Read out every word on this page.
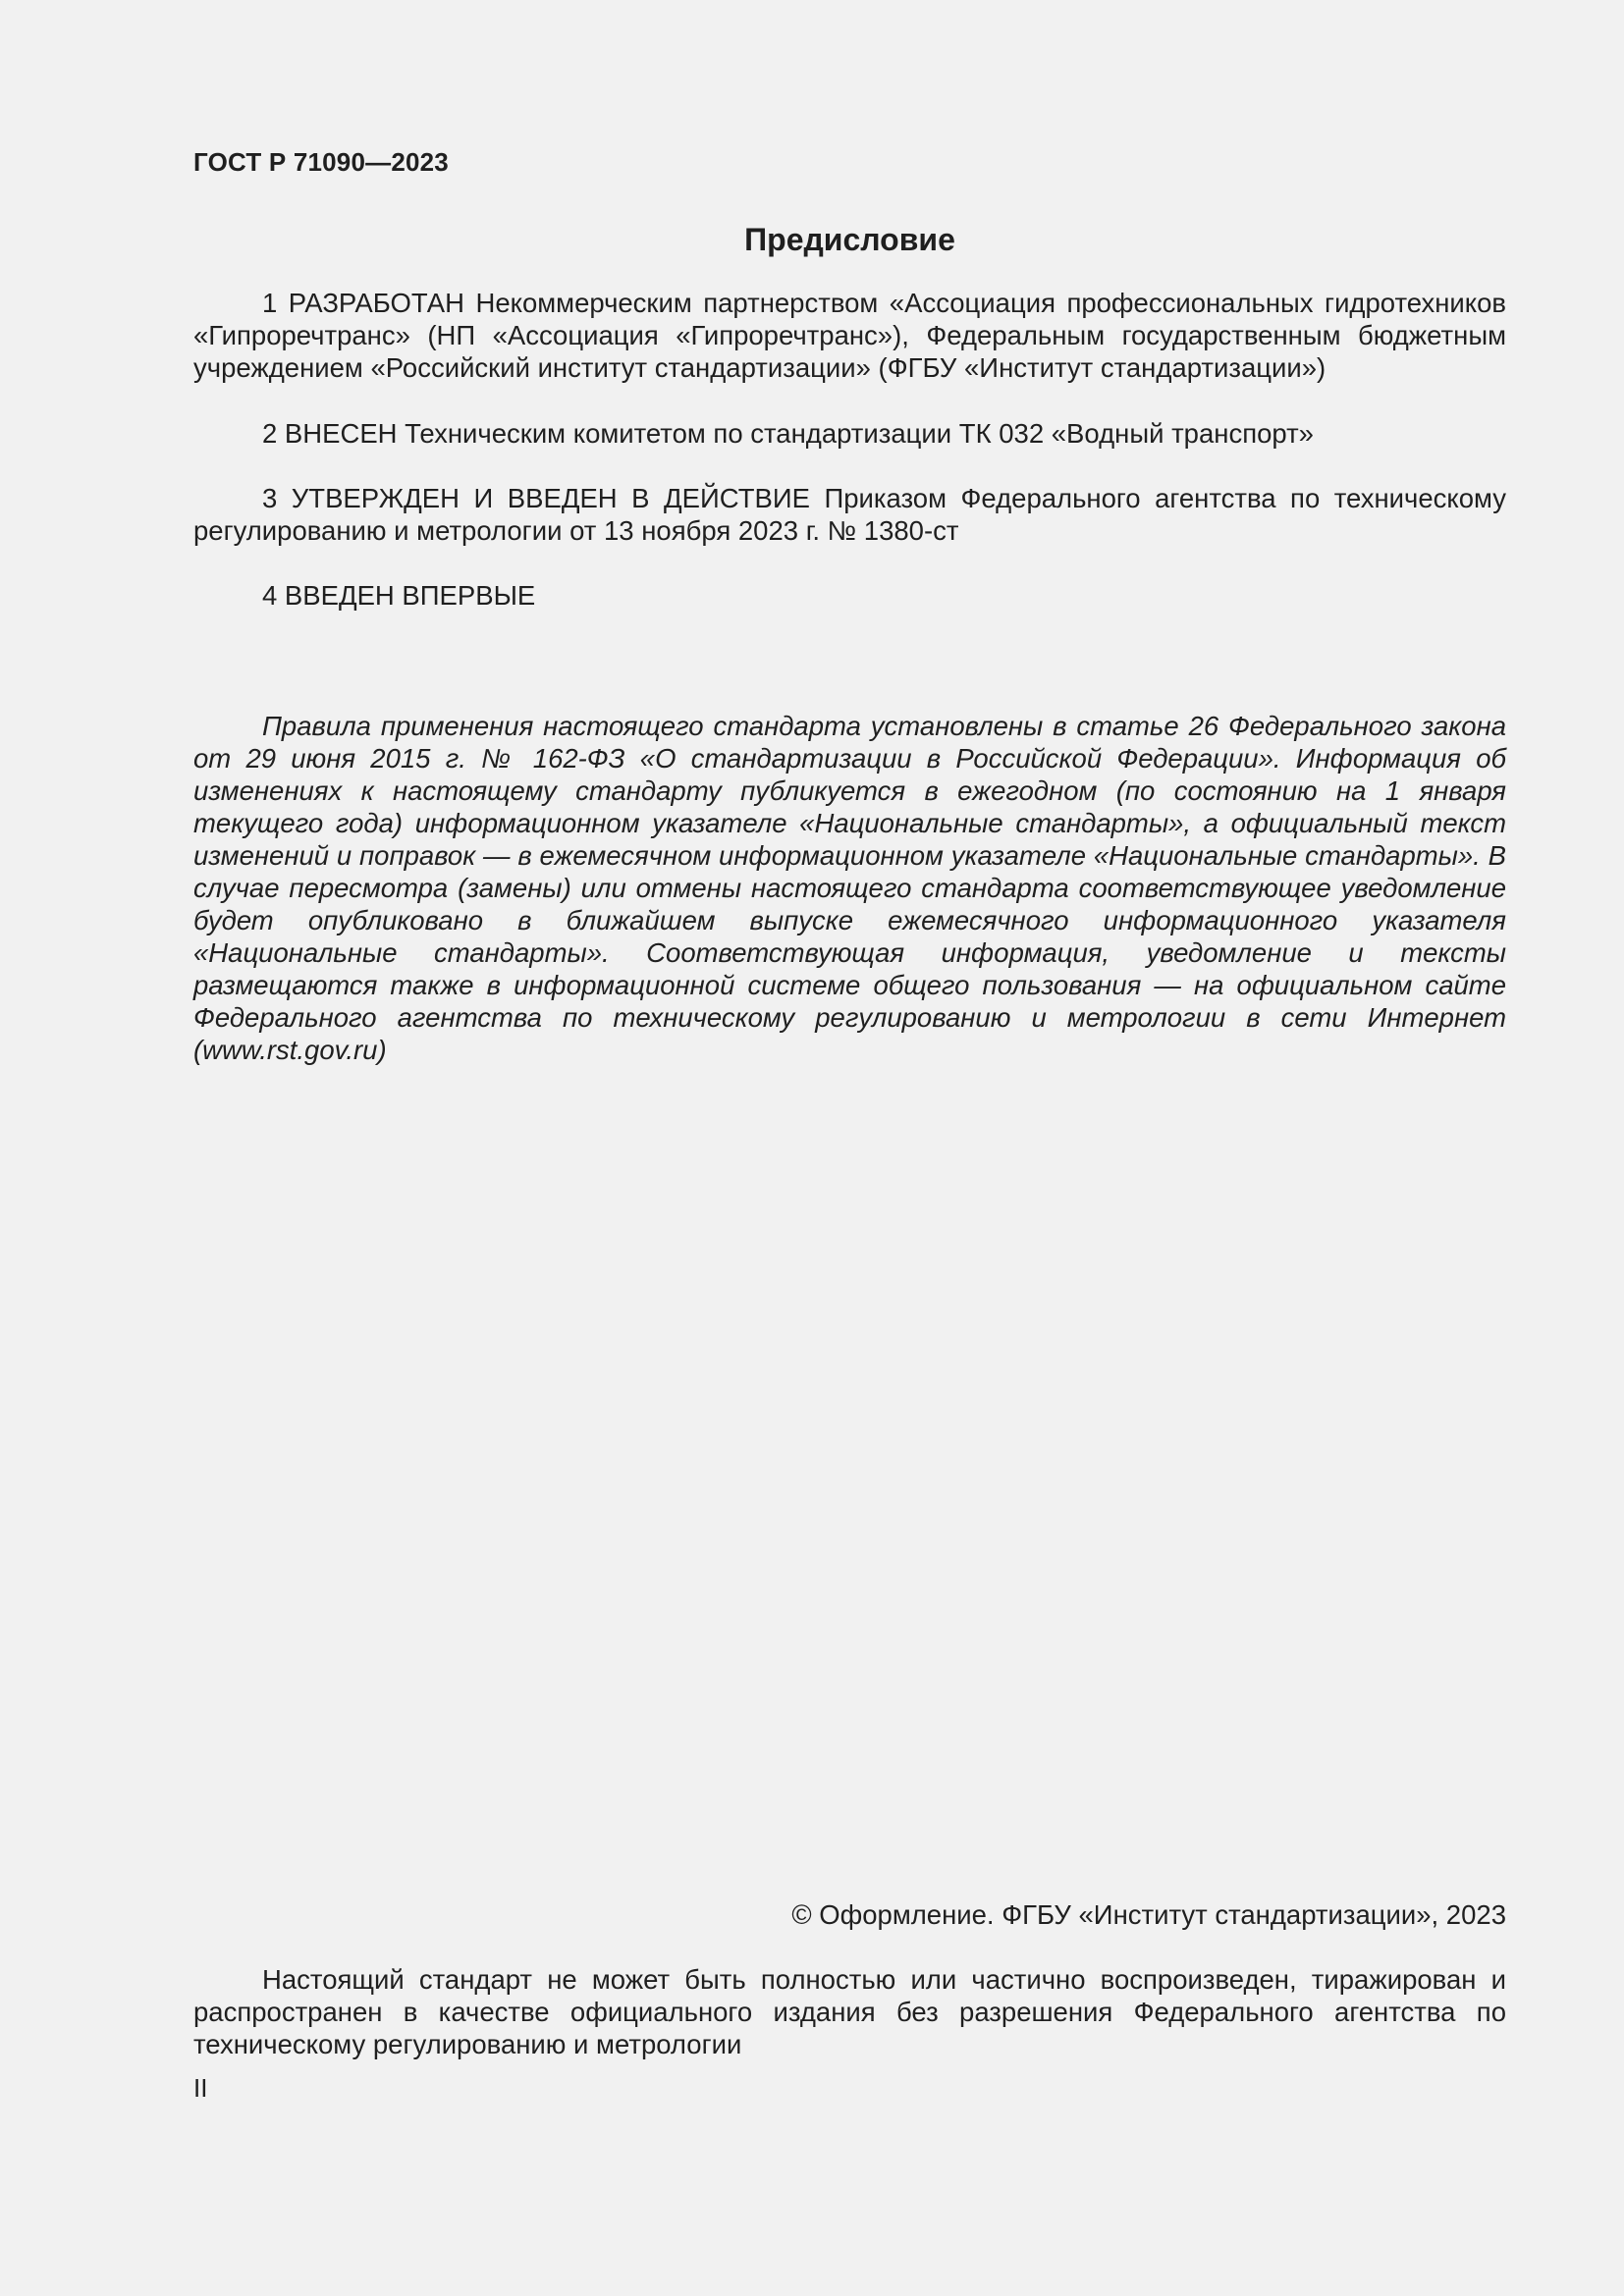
ГОСТ Р 71090—2023

Предисловие

1 РАЗРАБОТАН Некоммерческим партнерством «Ассоциация профессиональных гидротехников «Гипроречтранс» (НП «Ассоциация «Гипроречтранс»), Федеральным государственным бюджетным учреждением «Российский институт стандартизации» (ФГБУ «Институт стандартизации»)

2 ВНЕСЕН Техническим комитетом по стандартизации ТК 032 «Водный транспорт»

3 УТВЕРЖДЕН И ВВЕДЕН В ДЕЙСТВИЕ Приказом Федерального агентства по техническому регулированию и метрологии от 13 ноября 2023 г. № 1380-ст

4 ВВЕДЕН ВПЕРВЫЕ

Правила применения настоящего стандарта установлены в статье 26 Федерального закона от 29 июня 2015 г. № 162-ФЗ «О стандартизации в Российской Федерации». Информация об изменениях к настоящему стандарту публикуется в ежегодном (по состоянию на 1 января текущего года) информационном указателе «Национальные стандарты», а официальный текст изменений и поправок — в ежемесячном информационном указателе «Национальные стандарты». В случае пересмотра (замены) или отмены настоящего стандарта соответствующее уведомление будет опубликовано в ближайшем выпуске ежемесячного информационного указателя «Национальные стандарты». Соответствующая информация, уведомление и тексты размещаются также в информационной системе общего пользования — на официальном сайте Федерального агентства по техническому регулированию и метрологии в сети Интернет (www.rst.gov.ru)

© Оформление. ФГБУ «Институт стандартизации», 2023

Настоящий стандарт не может быть полностью или частично воспроизведен, тиражирован и распространен в качестве официального издания без разрешения Федерального агентства по техническому регулированию и метрологии

II
